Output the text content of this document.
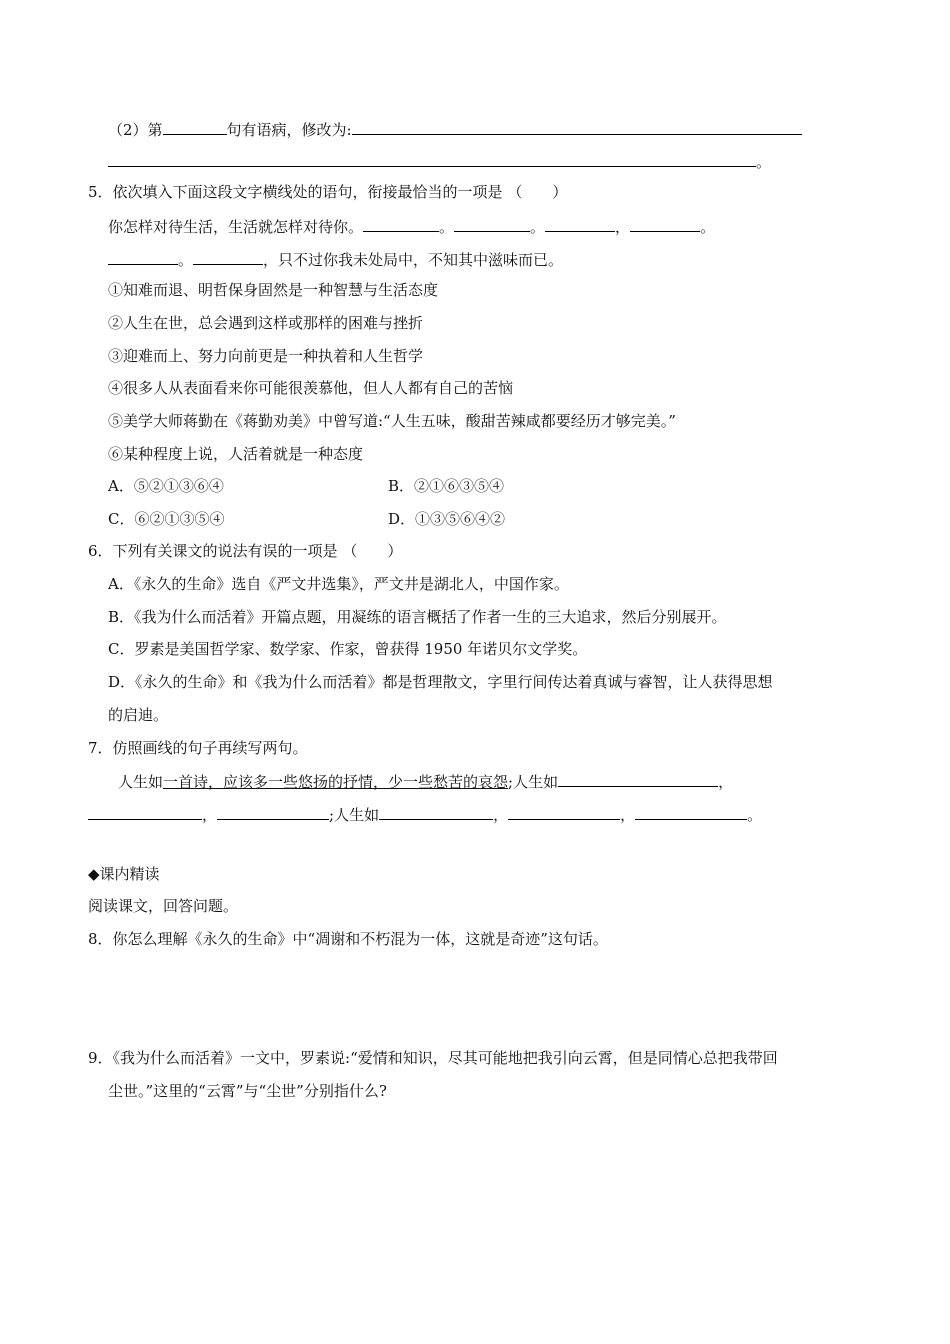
（2）第	句有语病，修改为:
。
5．依次填入下面这段文字横线处的语句，衔接最恰当的一项是 （　　）
你怎样对待生活，生活就怎样对待你。	。	。	，	。
。	，只不过你我未处局中，不知其中滋味而已。
①知难而退、明哲保身固然是一种智慧与生活态度
②人生在世，总会遇到这样或那样的困难与挫折
③迎难而上、努力向前更是一种执着和人生哲学
④很多人从表面看来你可能很羡慕他，但人人都有自己的苦恼
⑤美学大师蒋勤在《蒋勤劝美》中曾写道:“人生五味，酸甜苦辣咸都要经历才够完美。”
⑥某种程度上说，人活着就是一种态度
A．⑤②①③⑥④	B．②①⑥③⑤④
C．⑥②①③⑤④	D．①③⑤⑥④②
6．下列有关课文的说法有误的一项是 （　　）
A．《永久的生命》选自《严文井选集》，严文井是湖北人，中国作家。
B．《我为什么而活着》开篇点题，用凝练的语言概括了作者一生的三大追求，然后分别展开。
C．罗素是美国哲学家、数学家、作家，曾获得 1950 年诺贝尔文学奖。
D．《永久的生命》和《我为什么而活着》都是哲理散文，字里行间传达着真诚与睿智，让人获得思想
的启迪。
7．仿照画线的句子再续写两句。
人生如一首诗，应该多一些悠扬的抒情，少一些愁苦的哀怨;人生如	，
，	;人生如	，	，	。
◆课内精读
阅读课文，回答问题。
8．你怎么理解《永久的生命》中“凋谢和不朽混为一体，这就是奇迹”这句话。
9．《我为什么而活着》一文中，罗素说:“爱情和知识，尽其可能地把我引向云霄，但是同情心总把我带回
尘世。”这里的“云霄”与“尘世”分别指什么?
